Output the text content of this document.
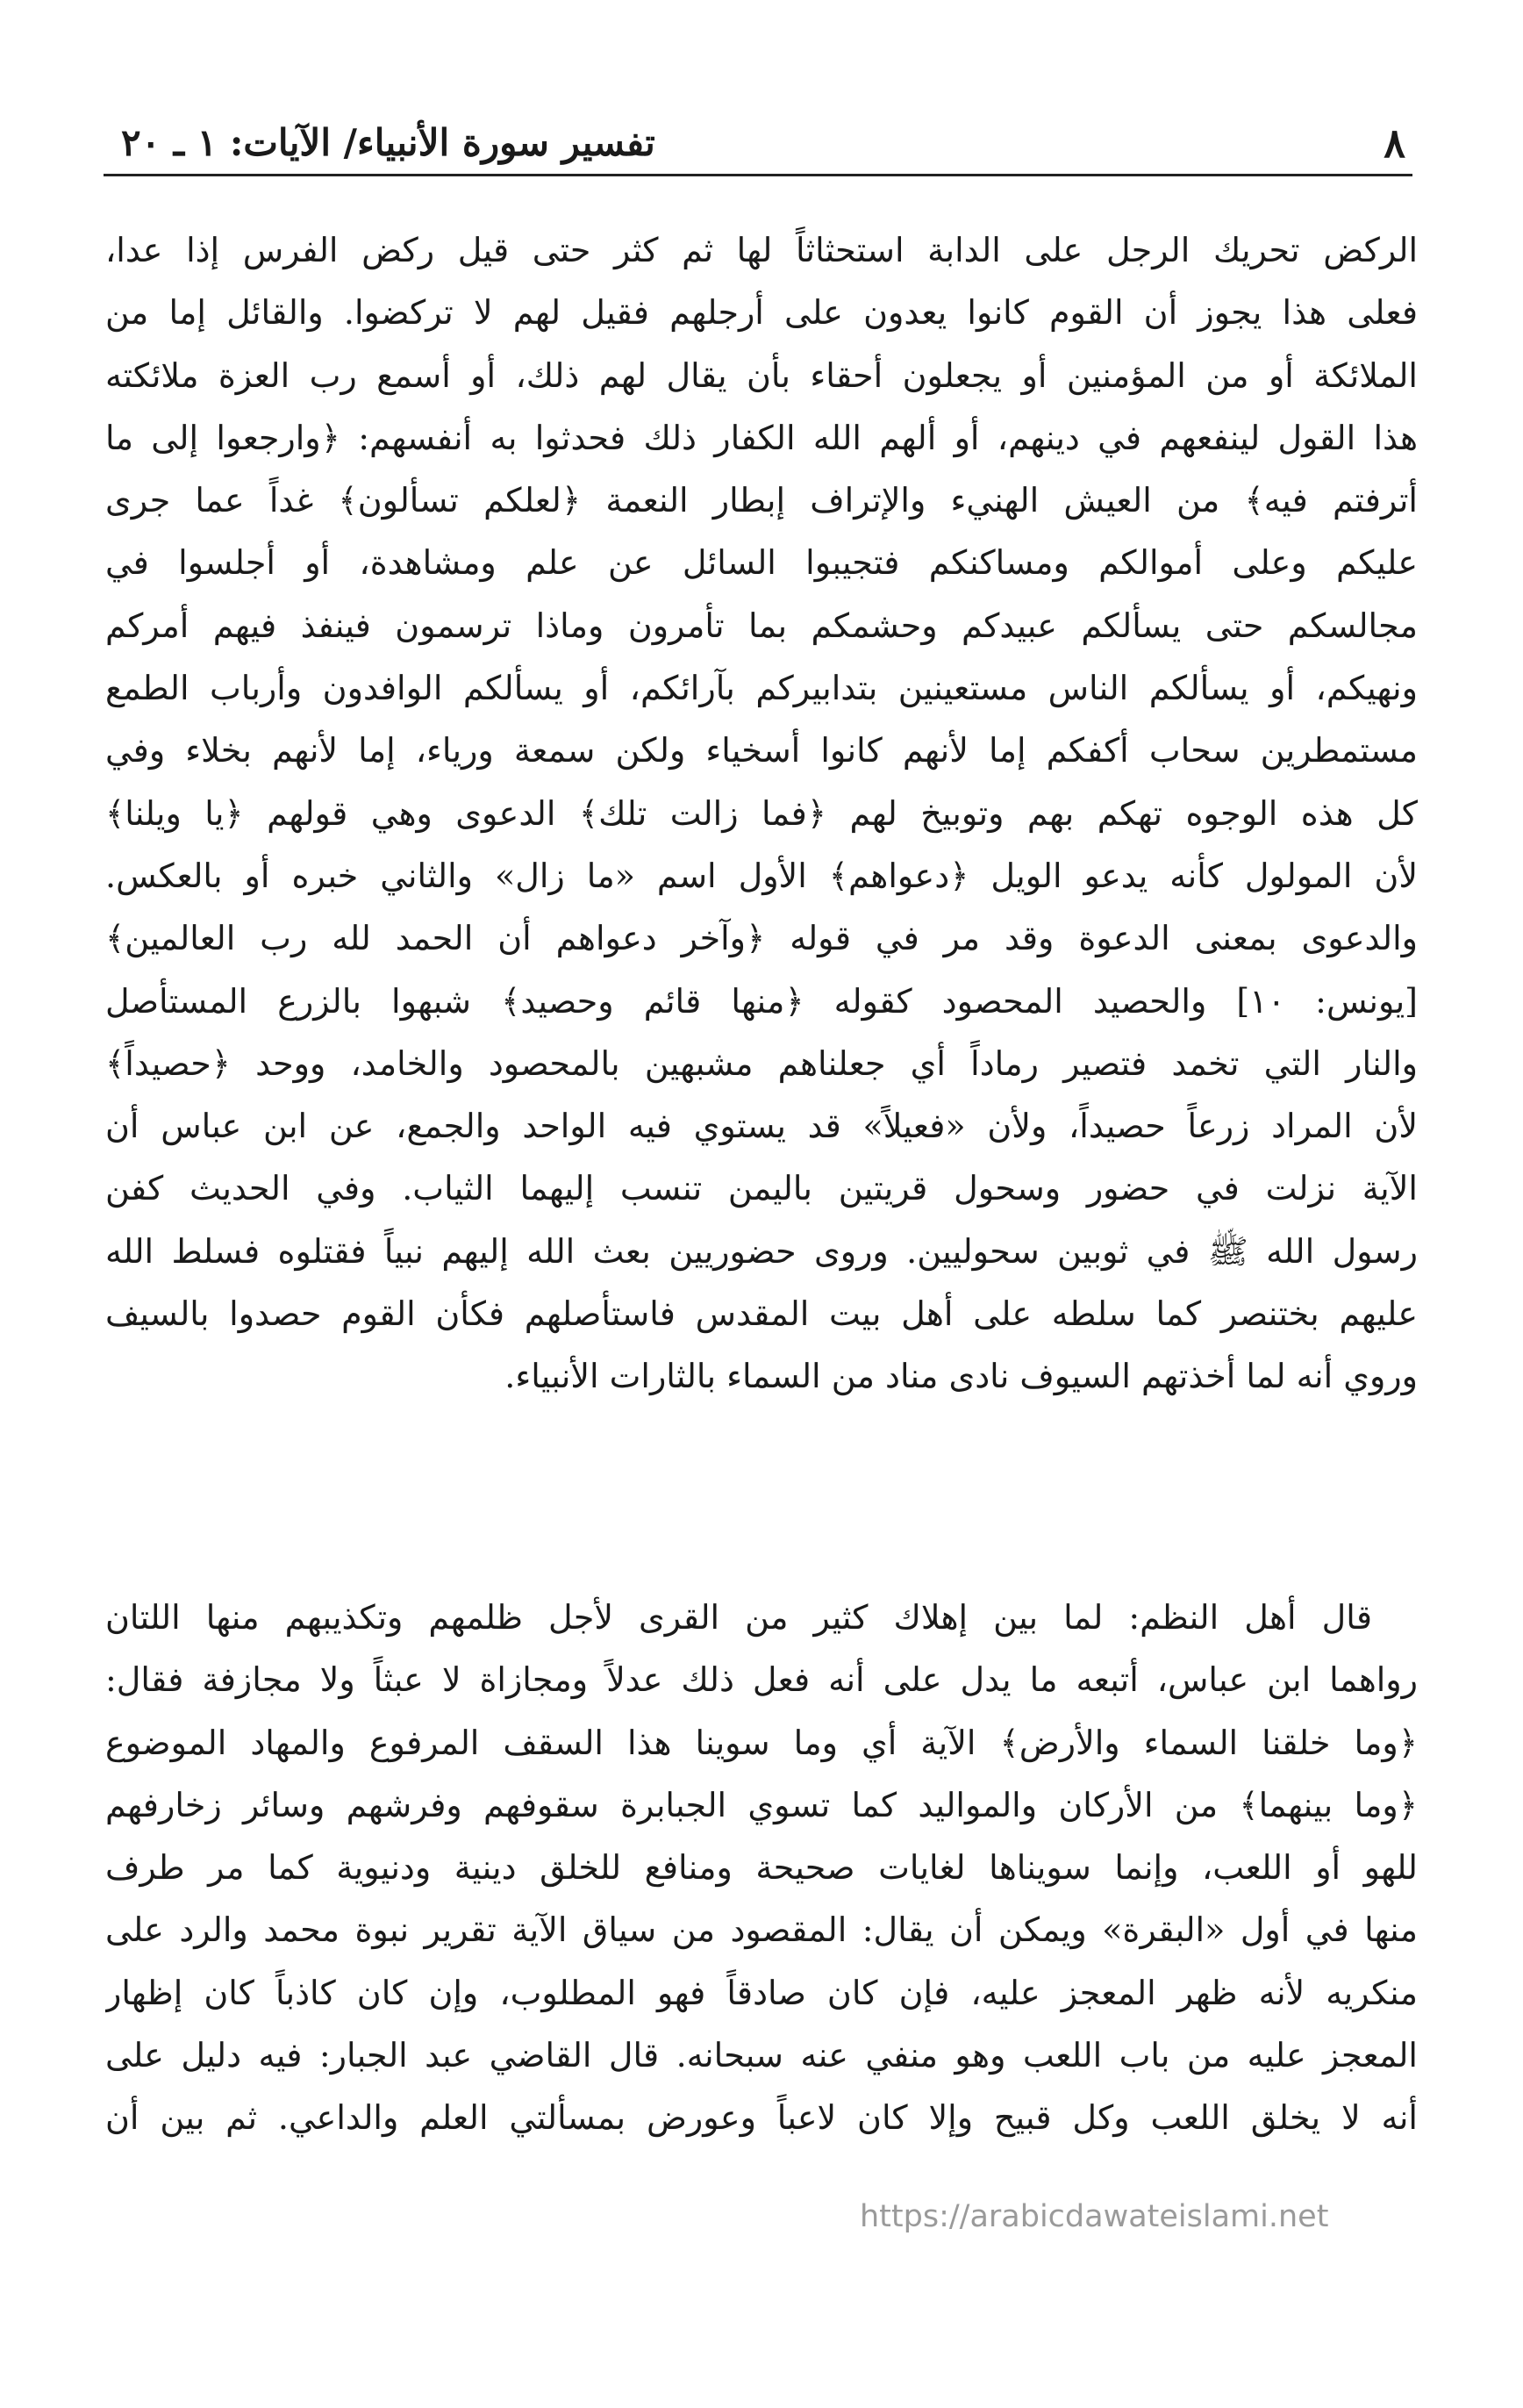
٨
تفسير سورة الأنبياء/ الآيات: ١ ـ ٢٠
الركض تحريك الرجل على الدابة استحثاثاً لها ثم كثر حتى قيل ركض الفرس إذا عدا،
فعلى هذا يجوز أن القوم كانوا يعدون على أرجلهم فقيل لهم لا تركضوا. والقائل إما من
الملائكة أو من المؤمنين أو يجعلون أحقاء بأن يقال لهم ذلك، أو أسمع رب العزة ملائكته
هذا القول لينفعهم في دينهم، أو ألهم الله الكفار ذلك فحدثوا به أنفسهم: ﴿وارجعوا إلى ما
أترفتم فيه﴾ من العيش الهنيء والإتراف إبطار النعمة ﴿لعلكم تسألون﴾ غداً عما جرى
عليكم وعلى أموالكم ومساكنكم فتجيبوا السائل عن علم ومشاهدة، أو أجلسوا في
مجالسكم حتى يسألكم عبيدكم وحشمكم بما تأمرون وماذا ترسمون فينفذ فيهم أمركم
ونهيكم، أو يسألكم الناس مستعينين بتدابيركم بآرائكم، أو يسألكم الوافدون وأرباب الطمع
مستمطرين سحاب أكفكم إما لأنهم كانوا أسخياء ولكن سمعة ورياء، إما لأنهم بخلاء وفي
كل هذه الوجوه تهكم بهم وتوبيخ لهم ﴿فما زالت تلك﴾ الدعوى وهي قولهم ﴿يا ويلنا﴾
لأن المولول كأنه يدعو الويل ﴿دعواهم﴾ الأول اسم «ما زال» والثاني خبره أو بالعكس.
والدعوى بمعنى الدعوة وقد مر في قوله ﴿وآخر دعواهم أن الحمد لله رب العالمين﴾
[يونس: ١٠] والحصيد المحصود كقوله ﴿منها قائم وحصيد﴾ شبهوا بالزرع المستأصل
والنار التي تخمد فتصير رماداً أي جعلناهم مشبهين بالمحصود والخامد، ووحد ﴿حصيداً﴾
لأن المراد زرعاً حصيداً، ولأن «فعيلاً» قد يستوي فيه الواحد والجمع، عن ابن عباس أن
الآية نزلت في حضور وسحول قريتين باليمن تنسب إليهما الثياب. وفي الحديث كفن
رسول الله ﷺ في ثوبين سحوليين. وروى حضوريين بعث الله إليهم نبياً فقتلوه فسلط الله
عليهم بختنصر كما سلطه على أهل بيت المقدس فاستأصلهم فكأن القوم حصدوا بالسيف
وروي أنه لما أخذتهم السيوف نادى مناد من السماء بالثارات الأنبياء.
قال أهل النظم: لما بين إهلاك كثير من القرى لأجل ظلمهم وتكذيبهم منها اللتان
رواهما ابن عباس، أتبعه ما يدل على أنه فعل ذلك عدلاً ومجازاة لا عبثاً ولا مجازفة فقال:
﴿وما خلقنا السماء والأرض﴾ الآية أي وما سوينا هذا السقف المرفوع والمهاد الموضوع
﴿وما بينهما﴾ من الأركان والمواليد كما تسوي الجبابرة سقوفهم وفرشهم وسائر زخارفهم
للهو أو اللعب، وإنما سويناها لغايات صحيحة ومنافع للخلق دينية ودنيوية كما مر طرف
منها في أول «البقرة» ويمكن أن يقال: المقصود من سياق الآية تقرير نبوة محمد والرد على
منكريه لأنه ظهر المعجز عليه، فإن كان صادقاً فهو المطلوب، وإن كان كاذباً كان إظهار
المعجز عليه من باب اللعب وهو منفي عنه سبحانه. قال القاضي عبد الجبار: فيه دليل على
أنه لا يخلق اللعب وكل قبيح وإلا كان لاعباً وعورض بمسألتي العلم والداعي. ثم بين أن
https://arabicdawateislami.net
